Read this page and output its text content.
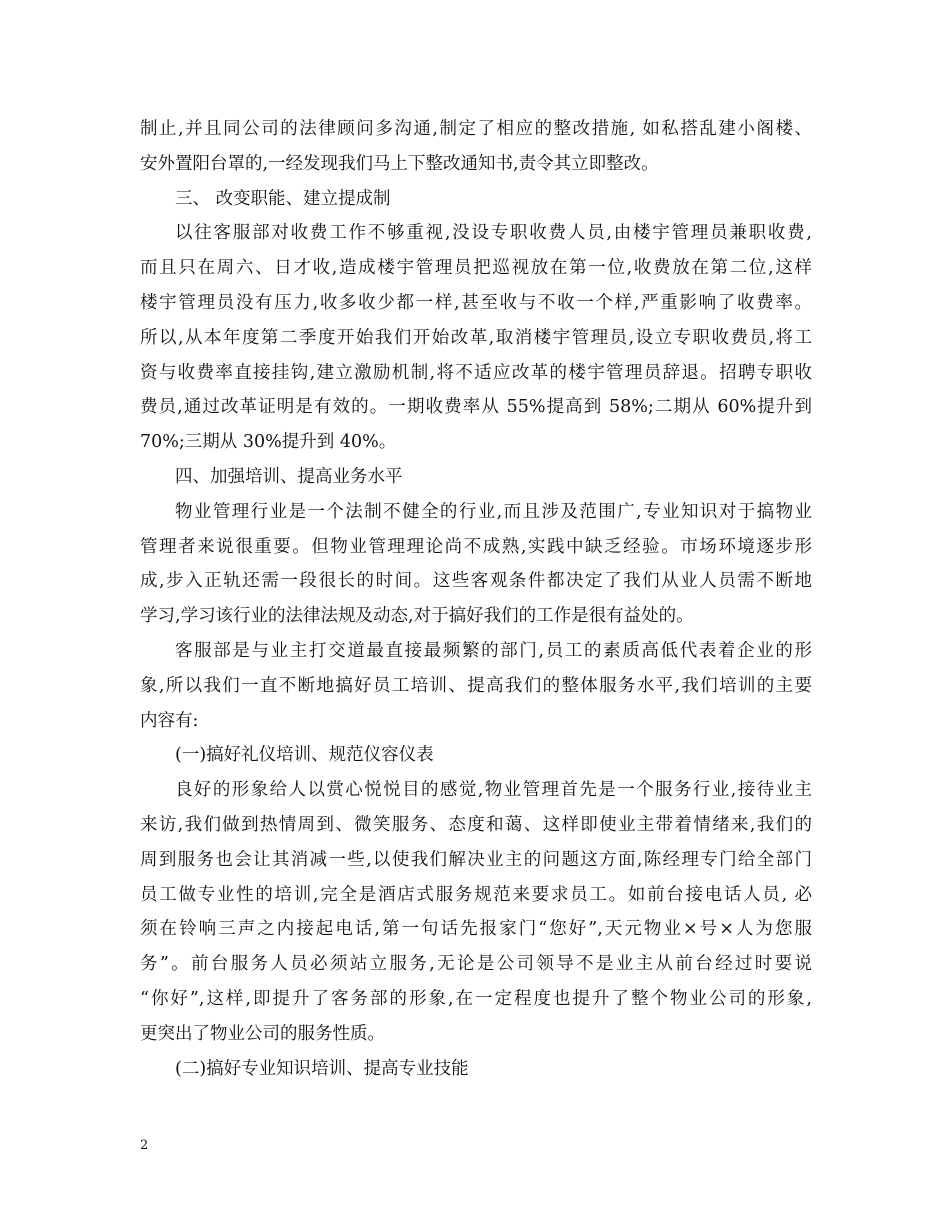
制止,并且同公司的法律顾问多沟通,制定了相应的整改措施, 如私搭乱建小阁楼、
安外置阳台罩的,一经发现我们马上下整改通知书,责令其立即整改。
三、 改变职能、建立提成制
以往客服部对收费工作不够重视,没设专职收费人员,由楼宇管理员兼职收费,
而且只在周六、日才收,造成楼宇管理员把巡视放在第一位,收费放在第二位,这样
楼宇管理员没有压力,收多收少都一样,甚至收与不收一个样,严重影响了收费率。
所以,从本年度第二季度开始我们开始改革,取消楼宇管理员,设立专职收费员,将工
资与收费率直接挂钩,建立激励机制,将不适应改革的楼宇管理员辞退。招聘专职收
费员,通过改革证明是有效的。一期收费率从 55%提高到 58%;二期从 60%提升到
70%;三期从 30%提升到 40%。
四、加强培训、提高业务水平
物业管理行业是一个法制不健全的行业,而且涉及范围广,专业知识对于搞物业
管理者来说很重要。但物业管理理论尚不成熟,实践中缺乏经验。市场环境逐步形
成,步入正轨还需一段很长的时间。这些客观条件都决定了我们从业人员需不断地
学习,学习该行业的法律法规及动态,对于搞好我们的工作是很有益处的。
客服部是与业主打交道最直接最频繁的部门,员工的素质高低代表着企业的形
象,所以我们一直不断地搞好员工培训、提高我们的整体服务水平,我们培训的主要
内容有:
(一)搞好礼仪培训、规范仪容仪表
良好的形象给人以赏心悦悦目的感觉,物业管理首先是一个服务行业,接待业主
来访,我们做到热情周到、微笑服务、态度和蔼、这样即使业主带着情绪来,我们的
周到服务也会让其消减一些,以使我们解决业主的问题这方面,陈经理专门给全部门
员工做专业性的培训,完全是酒店式服务规范来要求员工。如前台接电话人员, 必
须在铃响三声之内接起电话,第一句话先报家门“您好”,天元物业×号×人为您服
务”。前台服务人员必须站立服务,无论是公司领导不是业主从前台经过时要说
“你好”,这样,即提升了客务部的形象,在一定程度也提升了整个物业公司的形象,
更突出了物业公司的服务性质。
(二)搞好专业知识培训、提高专业技能
2
